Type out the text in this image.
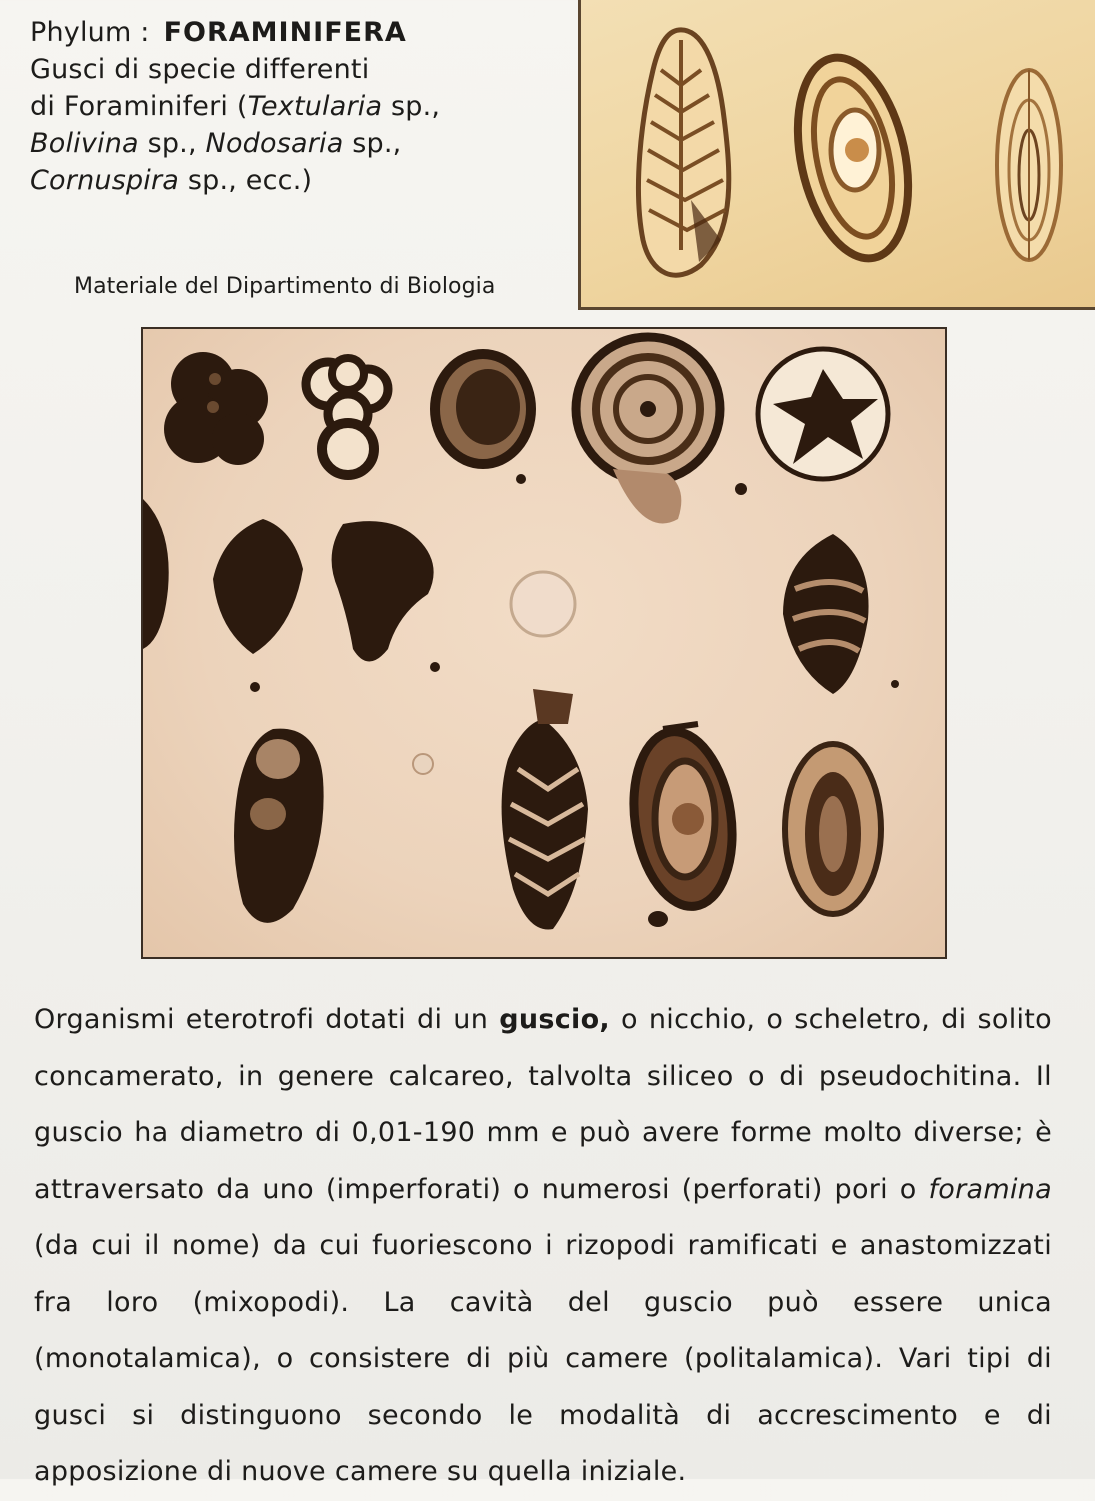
Phylum : FORAMINIFERA
Gusci di specie differenti
di Foraminiferi (Textularia sp.,
Bolivina sp., Nodosaria sp.,
Cornuspira sp., ecc.)
Materiale del Dipartimento di Biologia
Organismi eterotrofi dotati di un guscio, o nicchio, o scheletro, di solito concamerato, in genere calcareo, talvolta siliceo o di pseudochitina. Il guscio ha diametro di 0,01-190 mm e può avere forme molto diverse; è attraversato da uno (imperforati) o numerosi (perforati) pori o foramina (da cui il nome) da cui fuoriescono i rizopodi ramificati e anastomizzati fra loro (mixopodi). La cavità del guscio può essere unica (monotalamica), o consistere di più camere (politalamica). Vari tipi di gusci si distinguono secondo le modalità di accrescimento e di apposizione di nuove camere su quella iniziale.
